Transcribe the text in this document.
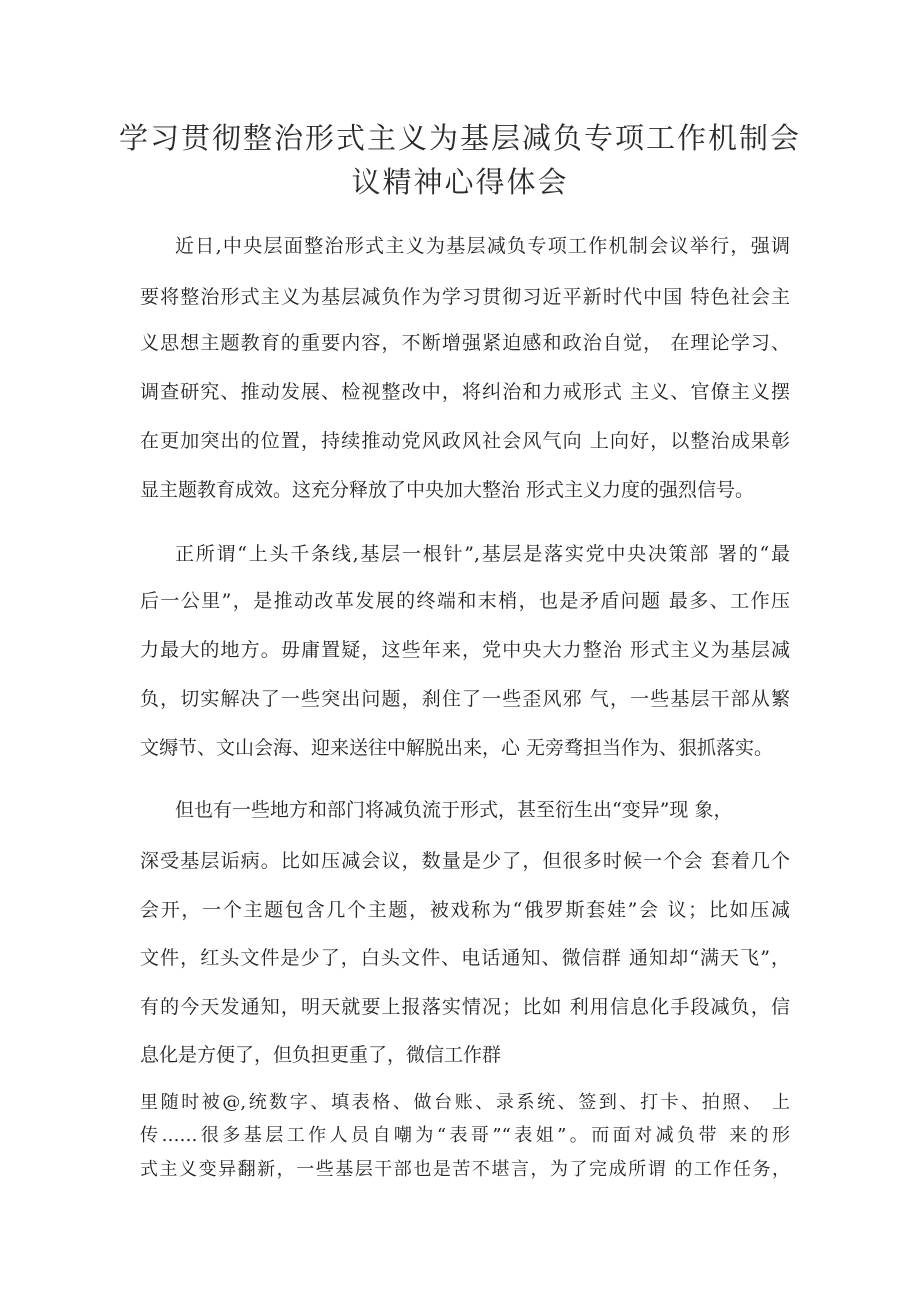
学习贯彻整治形式主义为基层减负专项工作机制会
议精神心得体会
近日,中央层面整治形式主义为基层减负专项工作机制会议举行，强调
要将整治形式主义为基层减负作为学习贯彻习近平新时代中国 特色社会主
义思想主题教育的重要内容，不断增强紧迫感和政治自觉， 在理论学习、
调查研究、推动发展、检视整改中，将纠治和力戒形式 主义、官僚主义摆
在更加突出的位置，持续推动党风政风社会风气向 上向好，以整治成果彰
显主题教育成效。这充分释放了中央加大整治 形式主义力度的强烈信号。
正所谓“上头千条线,基层一根针”,基层是落实党中央决策部 署的“最
后一公里”，是推动改革发展的终端和末梢，也是矛盾问题 最多、工作压
力最大的地方。毋庸置疑，这些年来，党中央大力整治 形式主义为基层减
负，切实解决了一些突出问题，刹住了一些歪风邪 气，一些基层干部从繁
文缛节、文山会海、迎来送往中解脱出来，心 无旁骛担当作为、狠抓落实。
但也有一些地方和部门将减负流于形式，甚至衍生出“变异”现 象，
深受基层诟病。比如压减会议，数量是少了，但很多时候一个会 套着几个
会开，一个主题包含几个主题，被戏称为“俄罗斯套娃”会 议；比如压减
文件，红头文件是少了，白头文件、电话通知、微信群 通知却“满天飞”，
有的今天发通知，明天就要上报落实情况；比如 利用信息化手段减负，信
息化是方便了，但负担更重了，微信工作群
里随时被@,统数字、填表格、做台账、录系统、签到、打卡、拍照、 上
传……很多基层工作人员自嘲为“表哥”“表姐”。而面对减负带 来的形
式主义变异翻新，一些基层干部也是苦不堪言，为了完成所谓 的工作任务，
